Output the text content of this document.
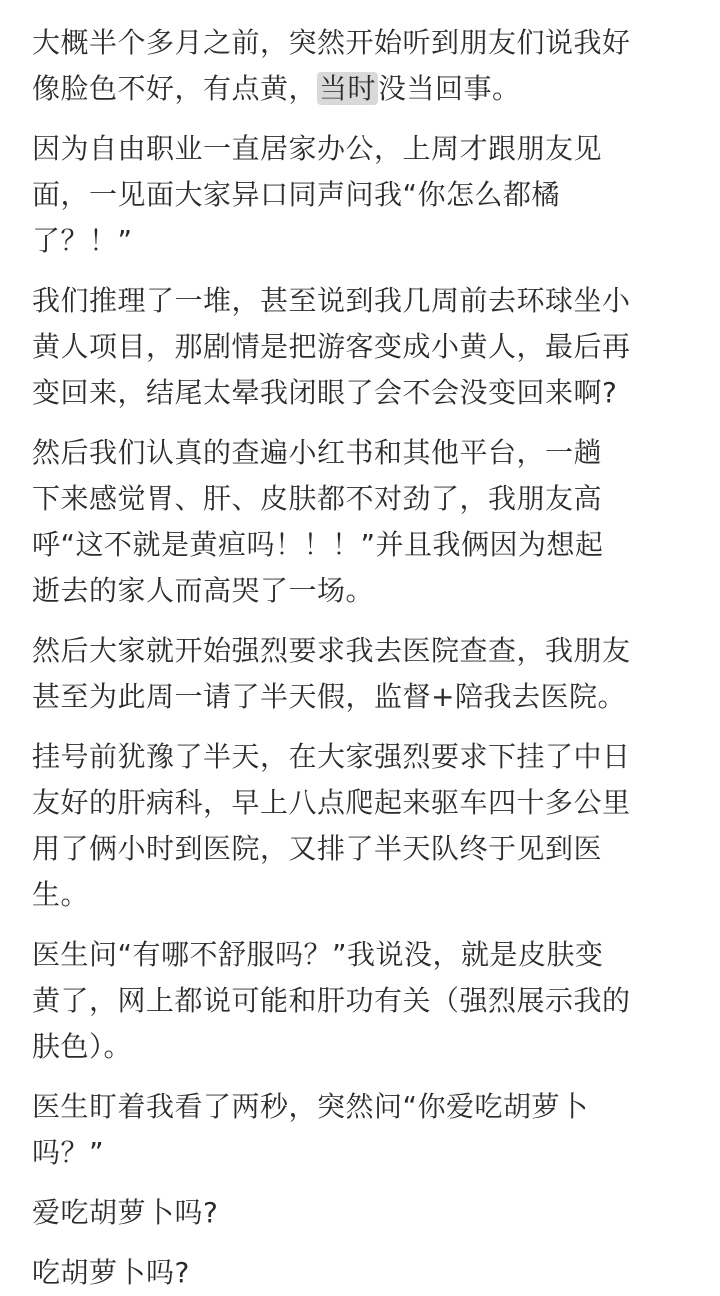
大概半个多月之前，突然开始听到朋友们说我好
像脸色不好，有点黄，当时没当回事。

因为自由职业一直居家办公，上周才跟朋友见
面，一见面大家异口同声问我“你怎么都橘
了？！”

我们推理了一堆，甚至说到我几周前去环球坐小
黄人项目，那剧情是把游客变成小黄人，最后再
变回来，结尾太晕我闭眼了会不会没变回来啊?

然后我们认真的查遍小红书和其他平台，一趟
下来感觉胃、肝、皮肤都不对劲了，我朋友高
呼“这不就是黄疸吗！！！”并且我俩因为想起
逝去的家人而高哭了一场。

然后大家就开始强烈要求我去医院查查，我朋友
甚至为此周一请了半天假，监督+陪我去医院。

挂号前犹豫了半天，在大家强烈要求下挂了中日
友好的肝病科，早上八点爬起来驱车四十多公里
用了俩小时到医院，又排了半天队终于见到医
生。

医生问“有哪不舒服吗？”我说没，就是皮肤变
黄了，网上都说可能和肝功有关（强烈展示我的
肤色）。

医生盯着我看了两秒，突然问“你爱吃胡萝卜
吗？”

爱吃胡萝卜吗?

吃胡萝卜吗?
